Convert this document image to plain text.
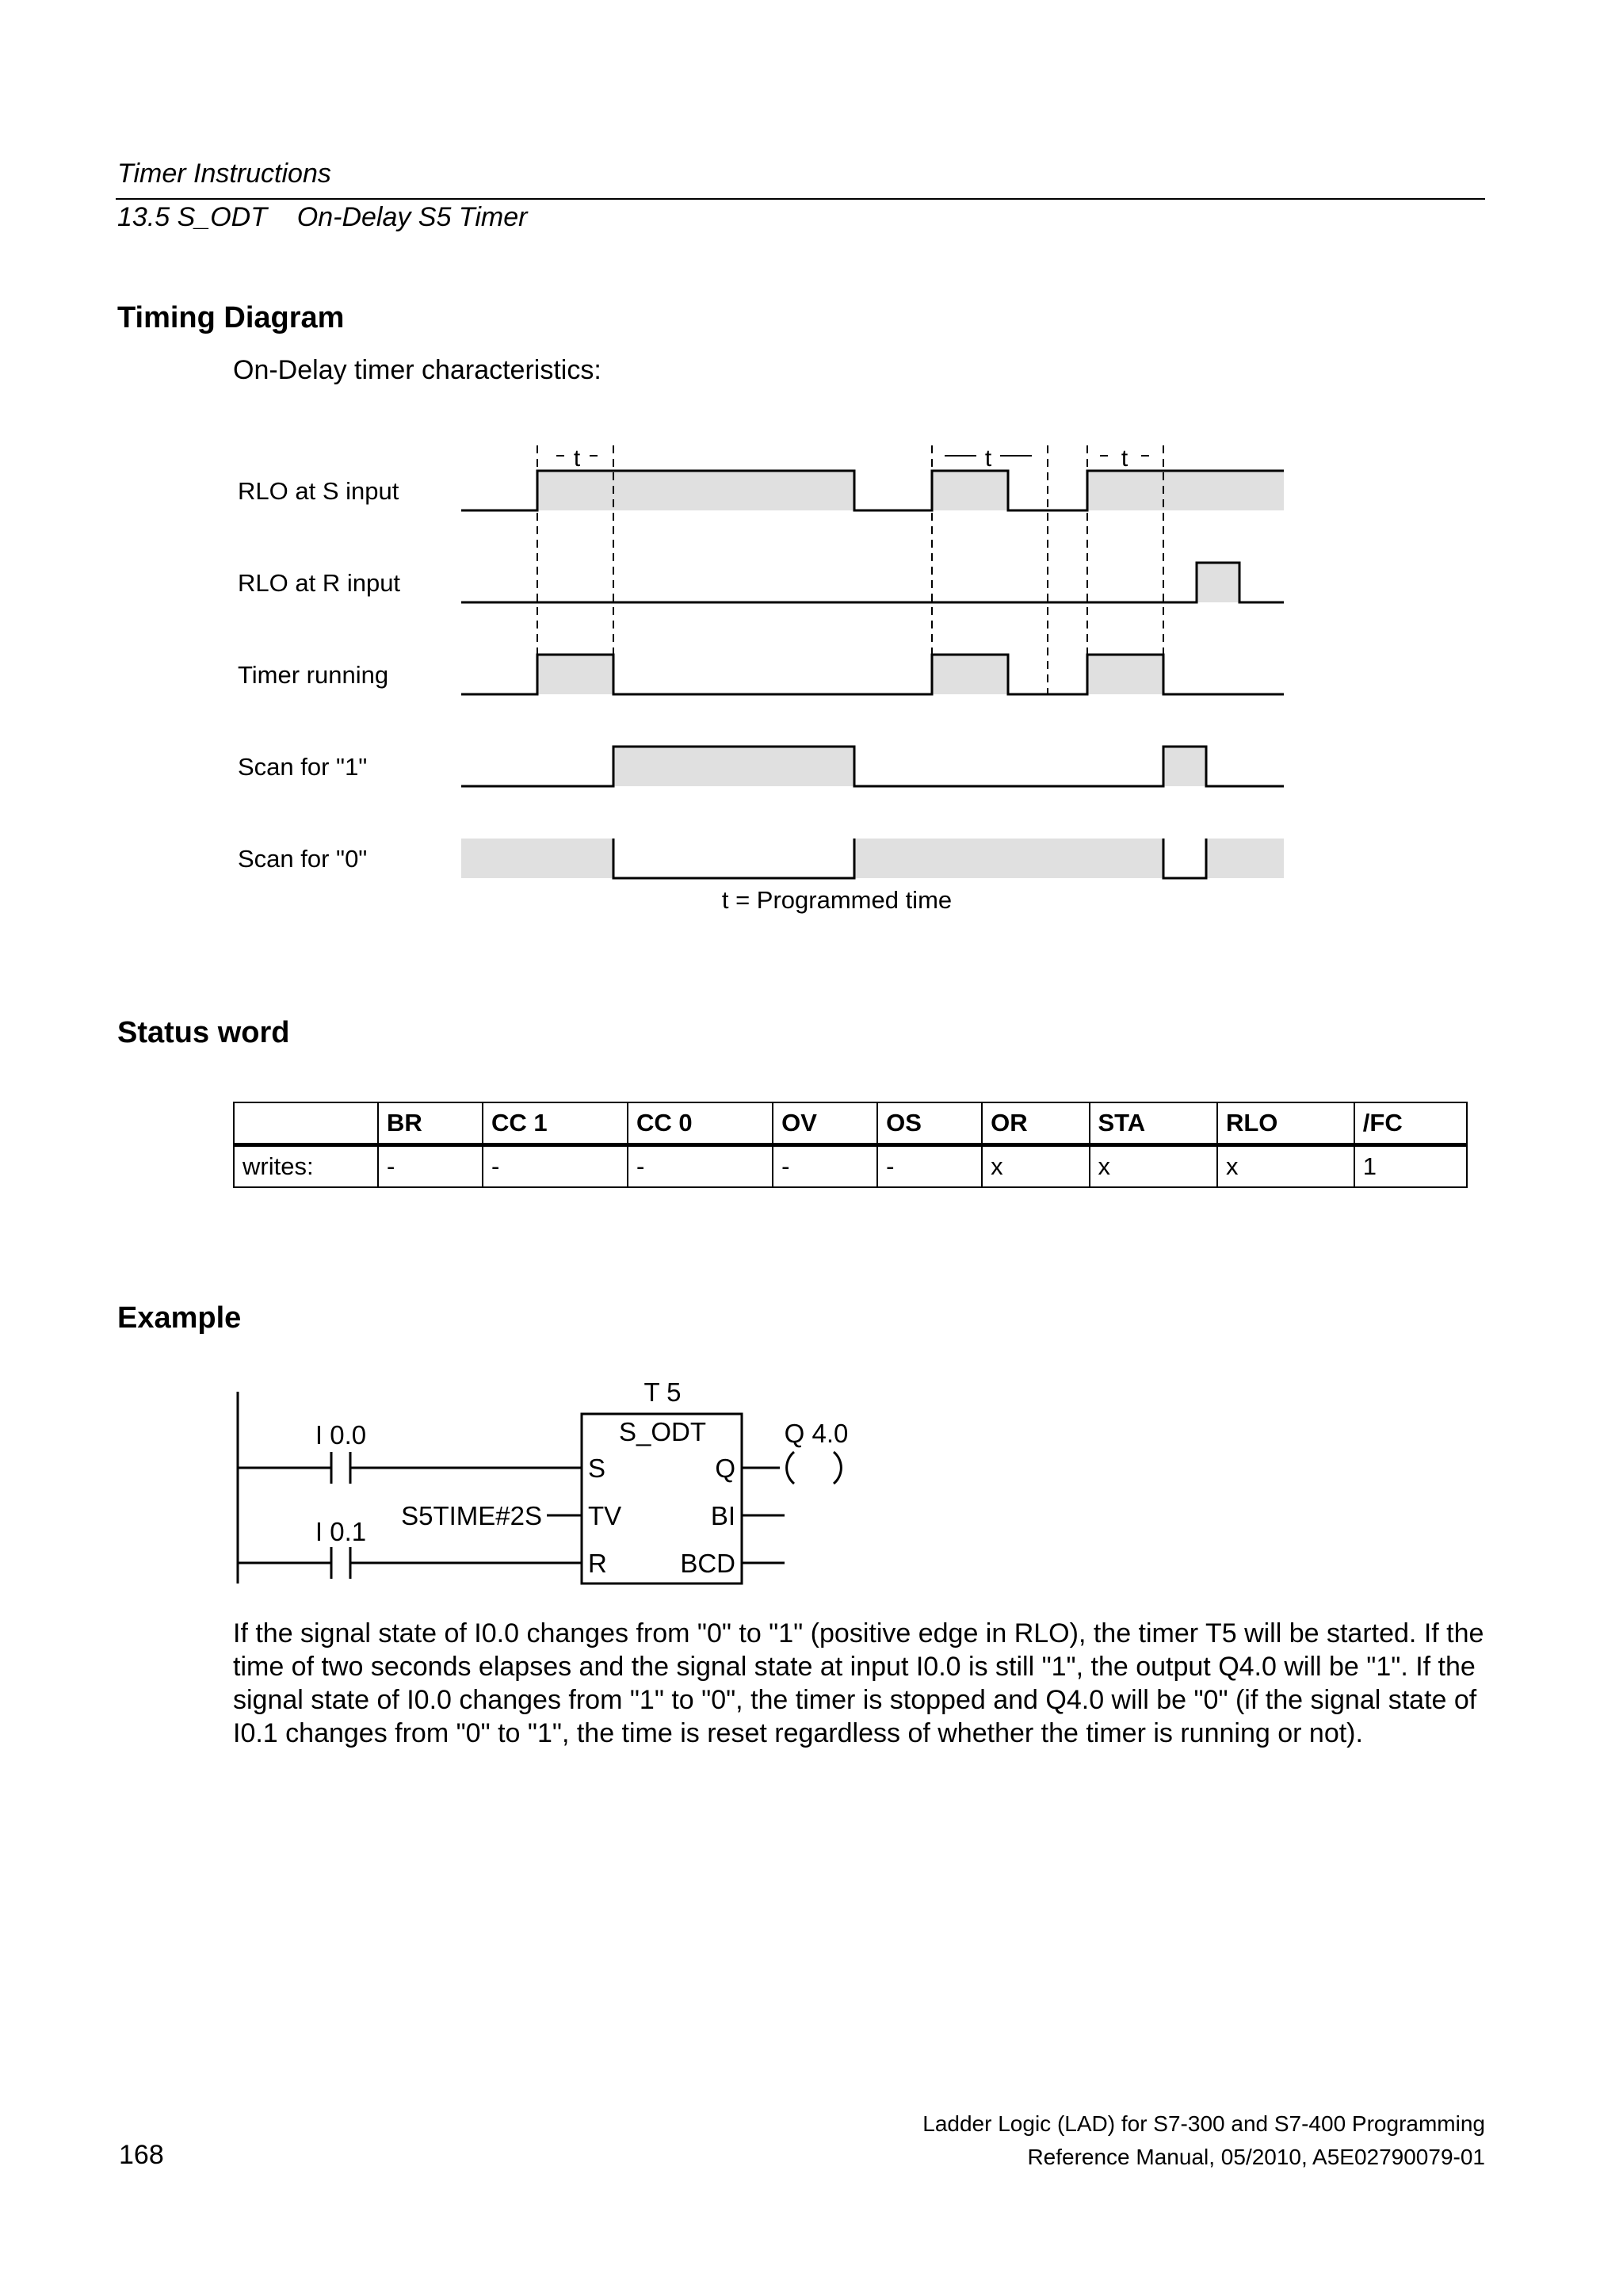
Timer Instructions
13.5 S_ODT    On-Delay S5 Timer
Timing Diagram
On-Delay timer characteristics:
t	t	t
RLO at S input
RLO at R input
Timer running
Scan for "1"
Scan for "0"
t = Programmed time
Status word
	BR	CC 1	CC 0	OV	OS	OR	STA	RLO	/FC
writes:	-	-	-	-	-	x	x	x	1
Example
T 5
S_ODT
I 0.0
I 0.1
Q 4.0
S5TIME#2S
S
TV
R
Q
BI
BCD
If the signal state of I0.0 changes from "0" to "1" (positive edge in RLO), the timer T5 will be started. If the time of two seconds elapses and the signal state at input I0.0 is still "1", the output Q4.0 will be "1". If the signal state of I0.0 changes from "1" to "0", the timer is stopped and Q4.0 will be "0" (if the signal state of I0.1 changes from "0" to "1", the time is reset regardless of whether the timer is running or not).
168
Ladder Logic (LAD) for S7-300 and S7-400 Programming
Reference Manual, 05/2010, A5E02790079-01
